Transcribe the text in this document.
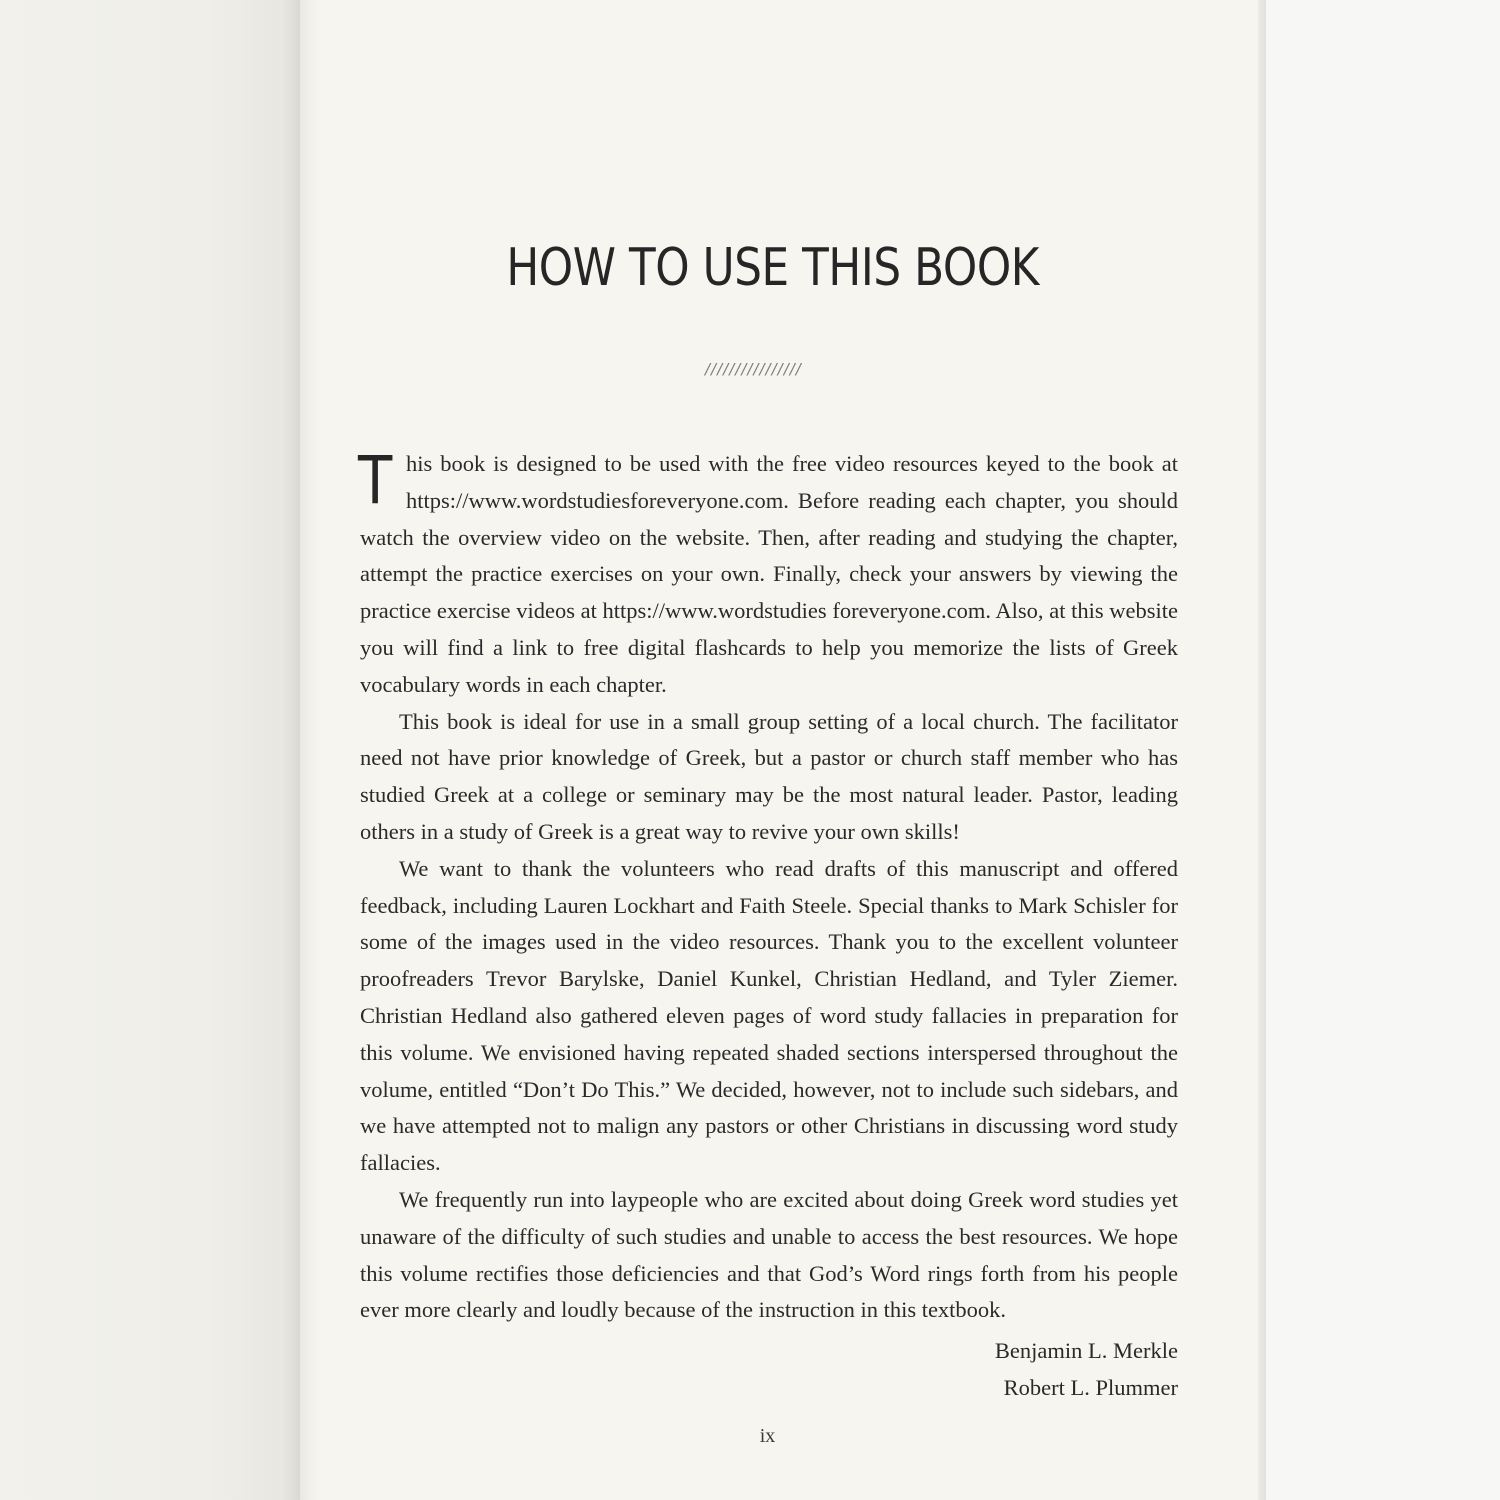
HOW TO USE THIS BOOK
////////////////

This book is designed to be used with the free video resources keyed to the book at https://www.wordstudiesforeveryone.com. Before reading each chapter, you should watch the overview video on the website. Then, after reading and studying the chapter, attempt the practice exercises on your own. Finally, check your answers by viewing the practice exercise videos at https://www.wordstudies foreveryone.com. Also, at this website you will find a link to free digital flashcards to help you memorize the lists of Greek vocabulary words in each chapter.

This book is ideal for use in a small group setting of a local church. The facilitator need not have prior knowledge of Greek, but a pastor or church staff member who has studied Greek at a college or seminary may be the most natural leader. Pastor, leading others in a study of Greek is a great way to revive your own skills!

We want to thank the volunteers who read drafts of this manuscript and offered feedback, including Lauren Lockhart and Faith Steele. Special thanks to Mark Schisler for some of the images used in the video resources. Thank you to the excellent volunteer proofreaders Trevor Barylske, Daniel Kunkel, Christian Hedland, and Tyler Ziemer. Christian Hedland also gathered eleven pages of word study fallacies in preparation for this volume. We envisioned having repeated shaded sections interspersed throughout the volume, entitled “Don’t Do This.” We decided, however, not to include such sidebars, and we have attempted not to malign any pastors or other Christians in discussing word study fallacies.

We frequently run into laypeople who are excited about doing Greek word studies yet unaware of the difficulty of such studies and unable to access the best resources. We hope this volume rectifies those deficiencies and that God’s Word rings forth from his people ever more clearly and loudly because of the instruction in this textbook.

Benjamin L. Merkle
Robert L. Plummer
ix
